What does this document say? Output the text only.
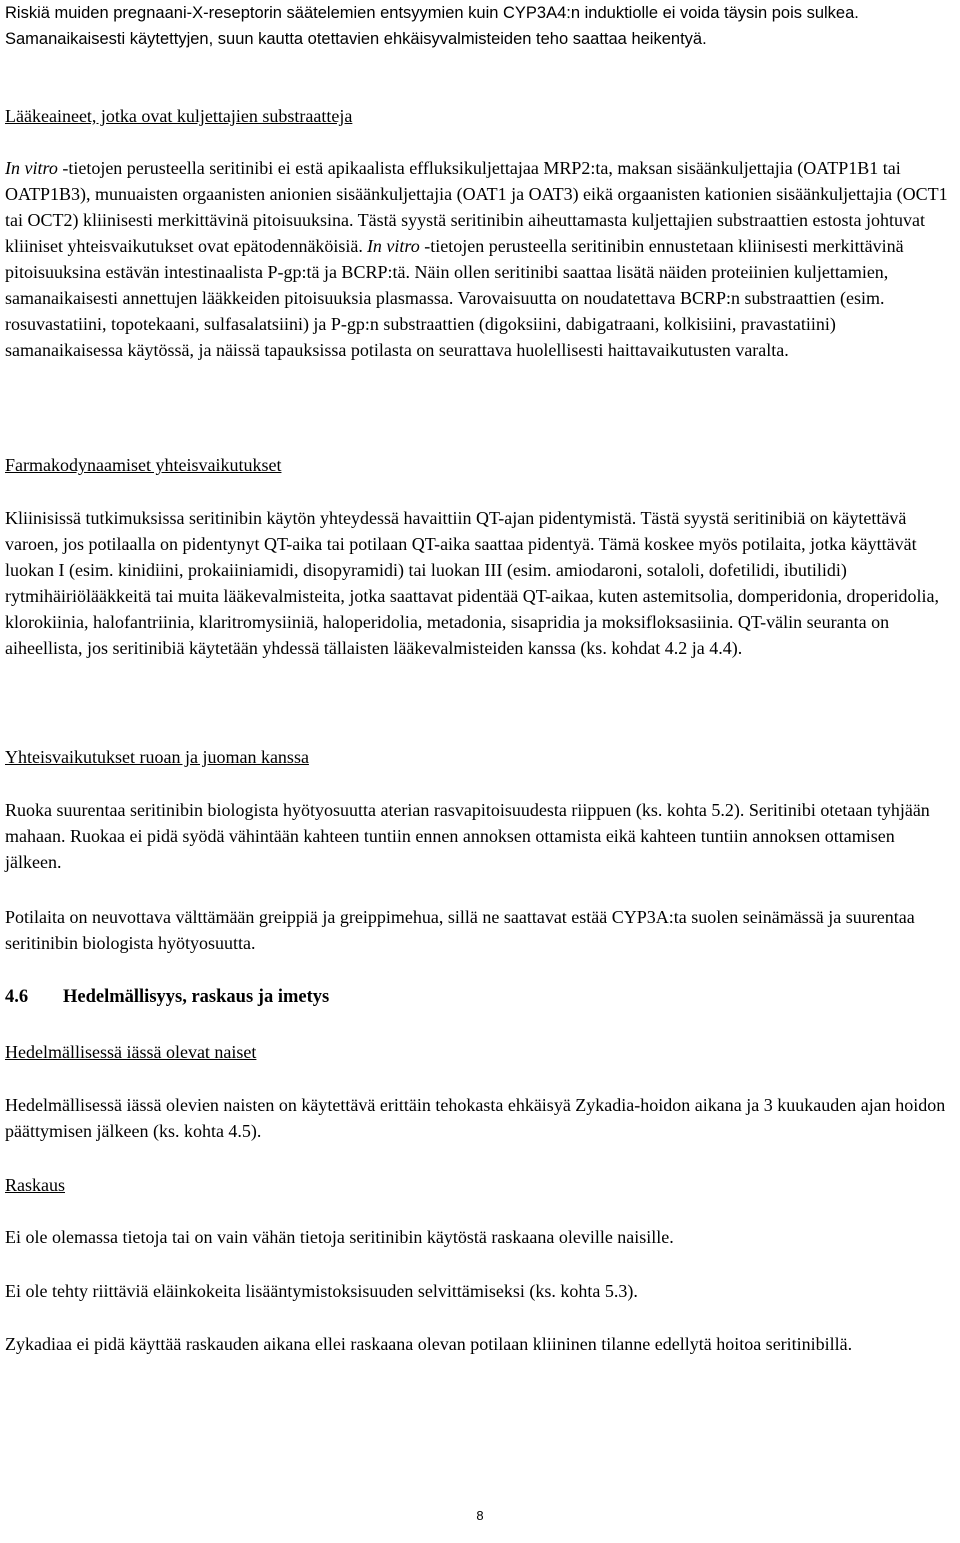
Riskiä muiden pregnaani-X-reseptorin säätelemien entsyymien kuin CYP3A4:n induktiolle ei voida täysin pois sulkea. Samanaikaisesti käytettyjen, suun kautta otettavien ehkäisyvalmisteiden teho saattaa heikentyä.
Lääkeaineet, jotka ovat kuljettajien substraatteja
In vitro -tietojen perusteella seritinibi ei estä apikaalista effluksikuljettajaa MRP2:ta, maksan sisäänkuljettajia (OATP1B1 tai OATP1B3), munuaisten orgaanisten anionien sisäänkuljettajia (OAT1 ja OAT3) eikä orgaanisten kationien sisäänkuljettajia (OCT1 tai OCT2) kliinisesti merkittävinä pitoisuuksina. Tästä syystä seritinibin aiheuttamasta kuljettajien substraattien estosta johtuvat kliiniset yhteisvaikutukset ovat epätodennäköisiä. In vitro -tietojen perusteella seritinibin ennustetaan kliinisesti merkittävinä pitoisuuksina estävän intestinaalista P-gp:tä ja BCRP:tä. Näin ollen seritinibi saattaa lisätä näiden proteiinien kuljettamien, samanaikaisesti annettujen lääkkeiden pitoisuuksia plasmassa. Varovaisuutta on noudatettava BCRP:n substraattien (esim. rosuvastatiini, topotekaani, sulfasalatsiini) ja P-gp:n substraattien (digoksiini, dabigatraani, kolkisiini, pravastatiini) samanaikaisessa käytössä, ja näissä tapauksissa potilasta on seurattava huolellisesti haittavaikutusten varalta.
Farmakodynaamiset yhteisvaikutukset
Kliinisissä tutkimuksissa seritinibin käytön yhteydessä havaittiin QT-ajan pidentymistä. Tästä syystä seritinibiä on käytettävä varoen, jos potilaalla on pidentynyt QT-aika tai potilaan QT-aika saattaa pidentyä. Tämä koskee myös potilaita, jotka käyttävät luokan I (esim. kinidiini, prokaiiniamidi, disopyramidi) tai luokan III (esim. amiodaroni, sotaloli, dofetilidi, ibutilidi) rytmihäiriölääkkeitä tai muita lääkevalmisteita, jotka saattavat pidentää QT-aikaa, kuten astemitsolia, domperidonia, droperidolia, klorokiinia, halofantriinia, klaritromysiiniä, haloperidolia, metadonia, sisapridia ja moksifloksasiinia. QT-välin seuranta on aiheellista, jos seritinibiä käytetään yhdessä tällaisten lääkevalmisteiden kanssa (ks. kohdat 4.2 ja 4.4).
Yhteisvaikutukset ruoan ja juoman kanssa
Ruoka suurentaa seritinibin biologista hyötyosuutta aterian rasvapitoisuudesta riippuen (ks. kohta 5.2). Seritinibi otetaan tyhjään mahaan. Ruokaa ei pidä syödä vähintään kahteen tuntiin ennen annoksen ottamista eikä kahteen tuntiin annoksen ottamisen jälkeen.
Potilaita on neuvottava välttämään greippiä ja greippimehua, sillä ne saattavat estää CYP3A:ta suolen seinämässä ja suurentaa seritinibin biologista hyötyosuutta.
4.6 Hedelmällisyys, raskaus ja imetys
Hedelmällisessä iässä olevat naiset
Hedelmällisessä iässä olevien naisten on käytettävä erittäin tehokasta ehkäisyä Zykadia-hoidon aikana ja 3 kuukauden ajan hoidon päättymisen jälkeen (ks. kohta 4.5).
Raskaus
Ei ole olemassa tietoja tai on vain vähän tietoja seritinibin käytöstä raskaana oleville naisille.
Ei ole tehty riittäviä eläinkokeita lisääntymistoksisuuden selvittämiseksi (ks. kohta 5.3).
Zykadiaa ei pidä käyttää raskauden aikana ellei raskaana olevan potilaan kliininen tilanne edellytä hoitoa seritinibillä.
8
